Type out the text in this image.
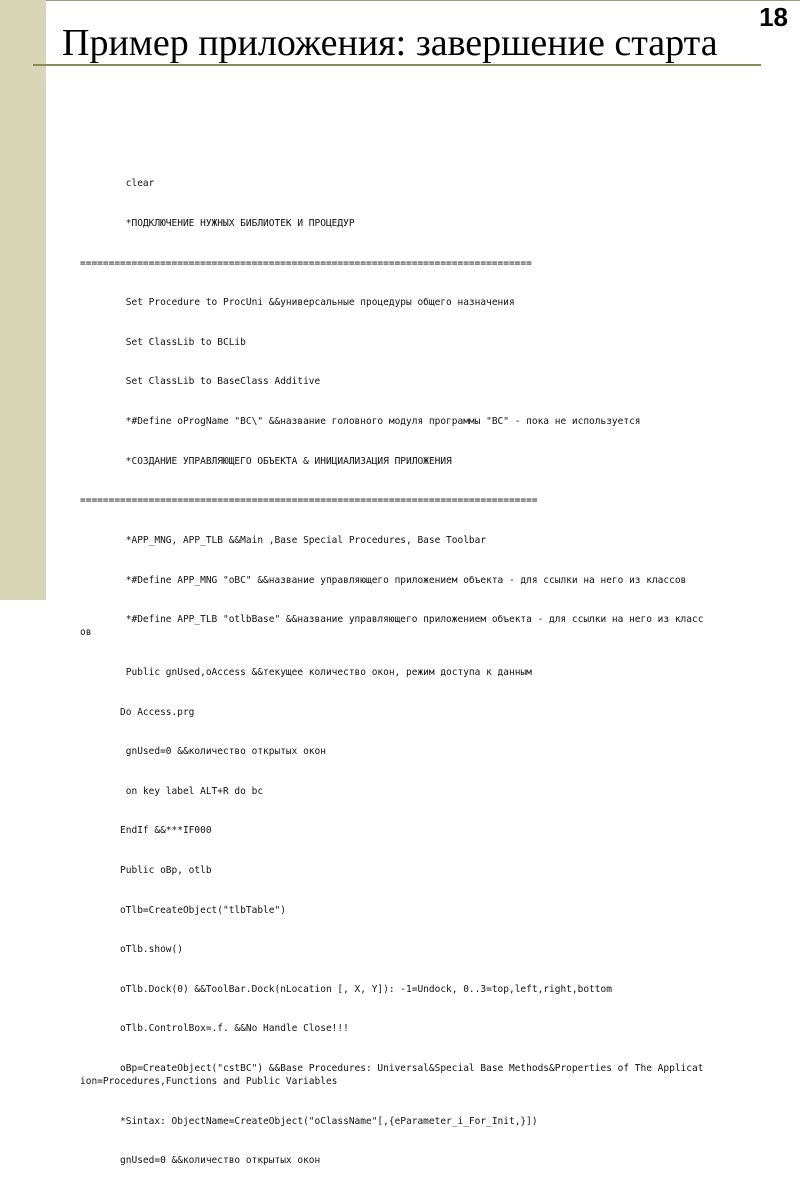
18
Пример приложения: завершение старта

clear

*ПОДКЛЮЧЕНИЕ НУЖНЫХ БИБЛИОТЕК И ПРОЦЕДУР

===============================================================================

Set Procedure to ProcUni &&универсальные процедуры общего назначения

Set ClassLib to BCLib

Set ClassLib to BaseClass Additive

*#Define oProgName "BC\" &&название головного модуля программы "BC" - пока не используется

*СОЗДАНИЕ УПРАВЛЯЮЩЕГО ОБЪЕКТА & ИНИЦИАЛИЗАЦИЯ ПРИЛОЖЕНИЯ

================================================================================

*APP_MNG, APP_TLB &&Main ,Base Special Procedures, Base Toolbar

*#Define APP_MNG "oBC" &&название управляющего приложением объекта - для ссылки на него из классов

*#Define APP_TLB "otlbBase" &&название управляющего приложением объекта - для ссылки на него из классов

Public gnUsed,oAccess &&текущее количество окон, режим доступа к данным

Do Access.prg

gnUsed=0 &&количество открытых окон

on key label ALT+R do bc

EndIf &&***IF000

Public oBp, otlb

oTlb=CreateObject("tlbTable")

oTlb.show()

oTlb.Dock(0) &&ToolBar.Dock(nLocation [, X, Y]): -1=Undock, 0..3=top,left,right,bottom

oTlb.ControlBox=.f. &&No Handle Close!!!

oBp=CreateObject("cstBC") &&Base Procedures: Universal&Special Base Methods&Properties of The Application=Procedures,Functions and Public Variables

*Sintax: ObjectName=CreateObject("oClassName"[,{eParameter_i_For_Init,}])

gnUsed=0 &&количество открытых окон
